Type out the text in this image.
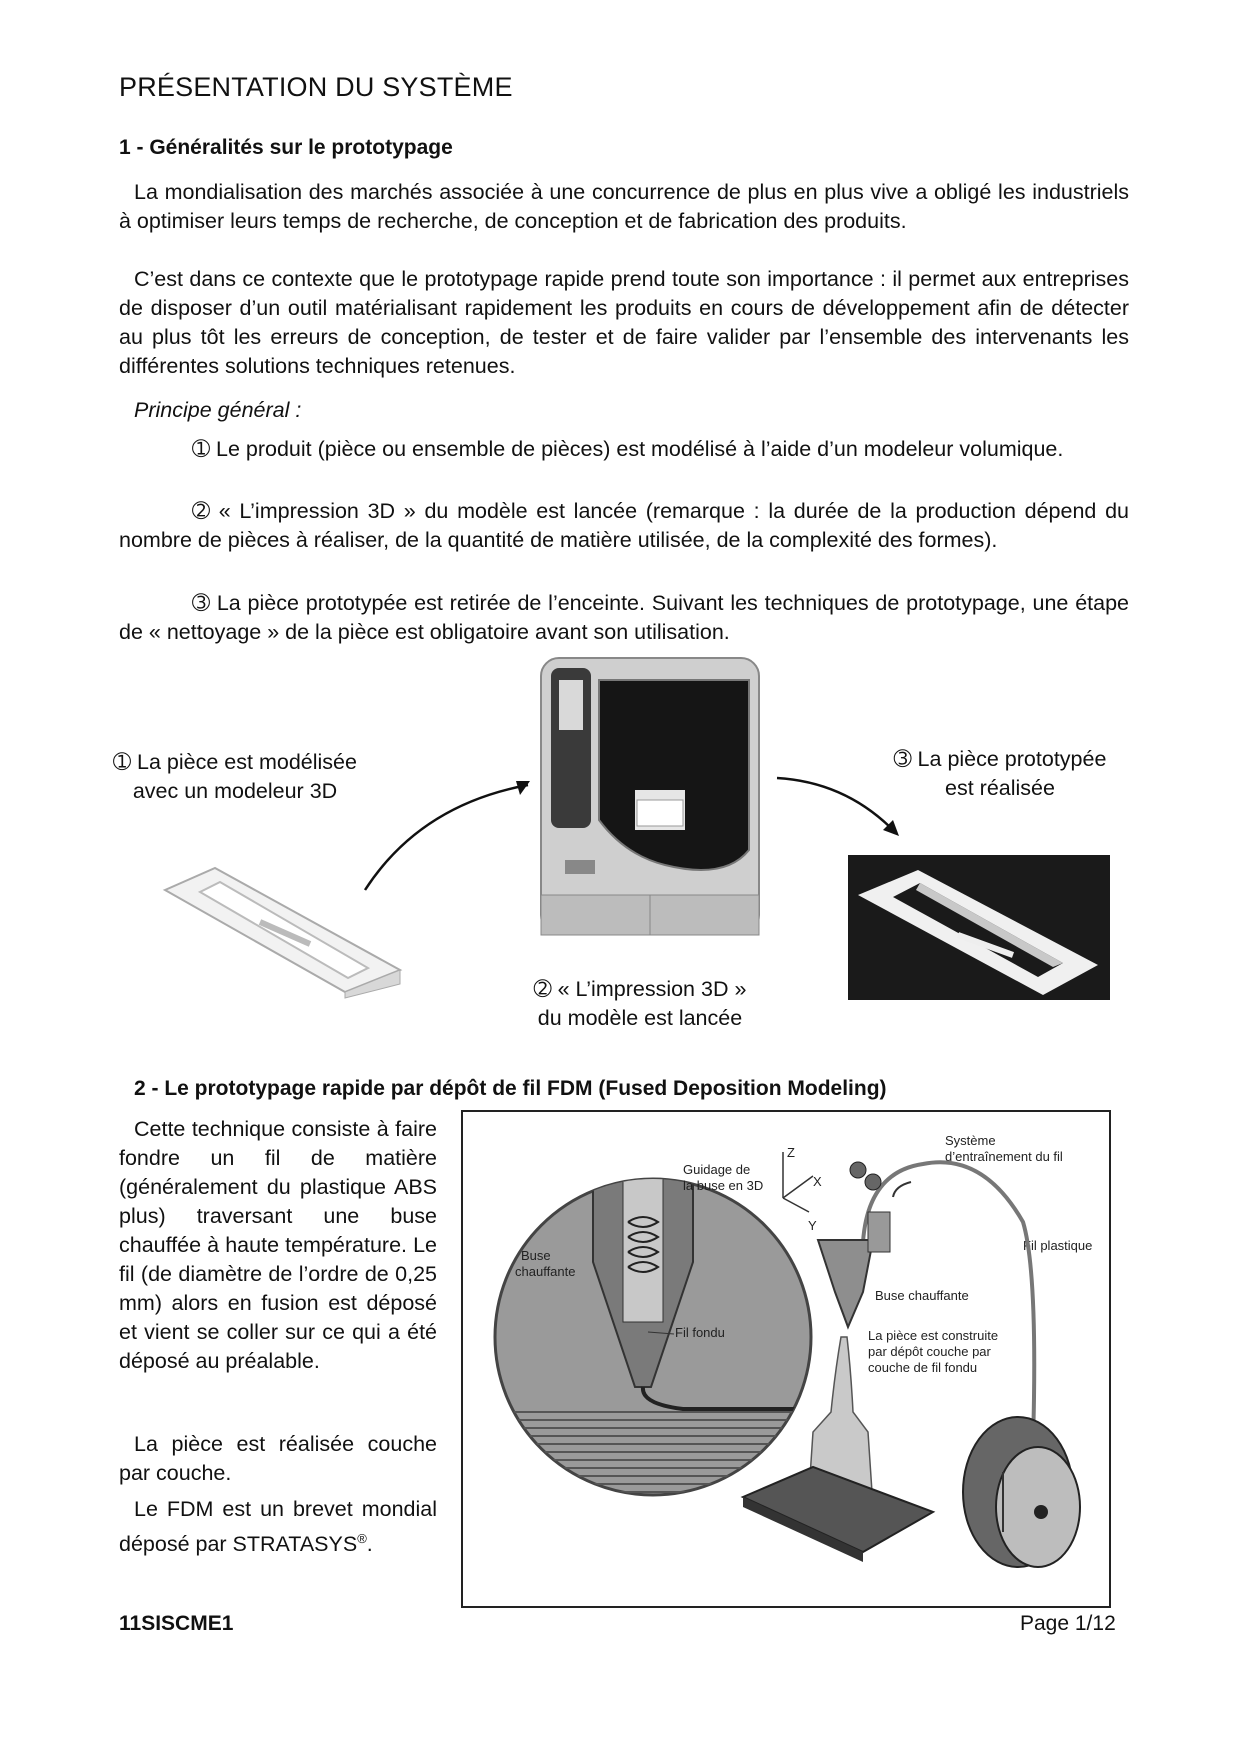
PRÉSENTATION DU SYSTÈME
1 - Généralités sur le prototypage
La mondialisation des marchés associée à une concurrence de plus en plus vive a obligé les industriels à optimiser leurs temps de recherche, de conception et de fabrication des produits.
C’est dans ce contexte que le prototypage rapide prend toute son importance : il permet aux entreprises de disposer d’un outil matérialisant rapidement les produits en cours de développement afin de détecter au plus tôt les erreurs de conception, de tester et de faire valider par l’ensemble des intervenants les différentes solutions techniques retenues.
Principe général :
➀ Le produit (pièce ou ensemble de pièces) est modélisé à l’aide d’un modeleur volumique.
➁ « L’impression 3D » du modèle est lancée (remarque : la durée de la production dépend du nombre de pièces à réaliser, de la quantité de matière utilisée, de la complexité des formes).
➂ La pièce prototypée est retirée de l’enceinte. Suivant les techniques de prototypage, une étape de « nettoyage » de la pièce est obligatoire avant son utilisation.
➀ La pièce est modélisée
avec un modeleur 3D
➁ « L’impression 3D »
du modèle est lancée
➂ La pièce prototypée
est réalisée
2 - Le prototypage rapide par dépôt de fil FDM (Fused Deposition Modeling)
Cette technique consiste à faire fondre un fil de matière (généralement du plastique ABS plus) traversant une buse chauffée à haute température. Le fil (de diamètre de l’ordre de 0,25 mm) alors en fusion est déposé et vient se coller sur ce qui a été déposé au préalable.
La pièce est réalisée couche par couche.
Le FDM est un brevet mondial déposé par STRATASYS®.
Buse
chauffante
Fil fondu
Z
X
Y
Guidage de
la buse en 3D
Système
d’entraînement du fil
Fil plastique
Buse chauffante
La pièce est construite
par dépôt couche par
couche de fil fondu
11SISCME1	Page 1/12
